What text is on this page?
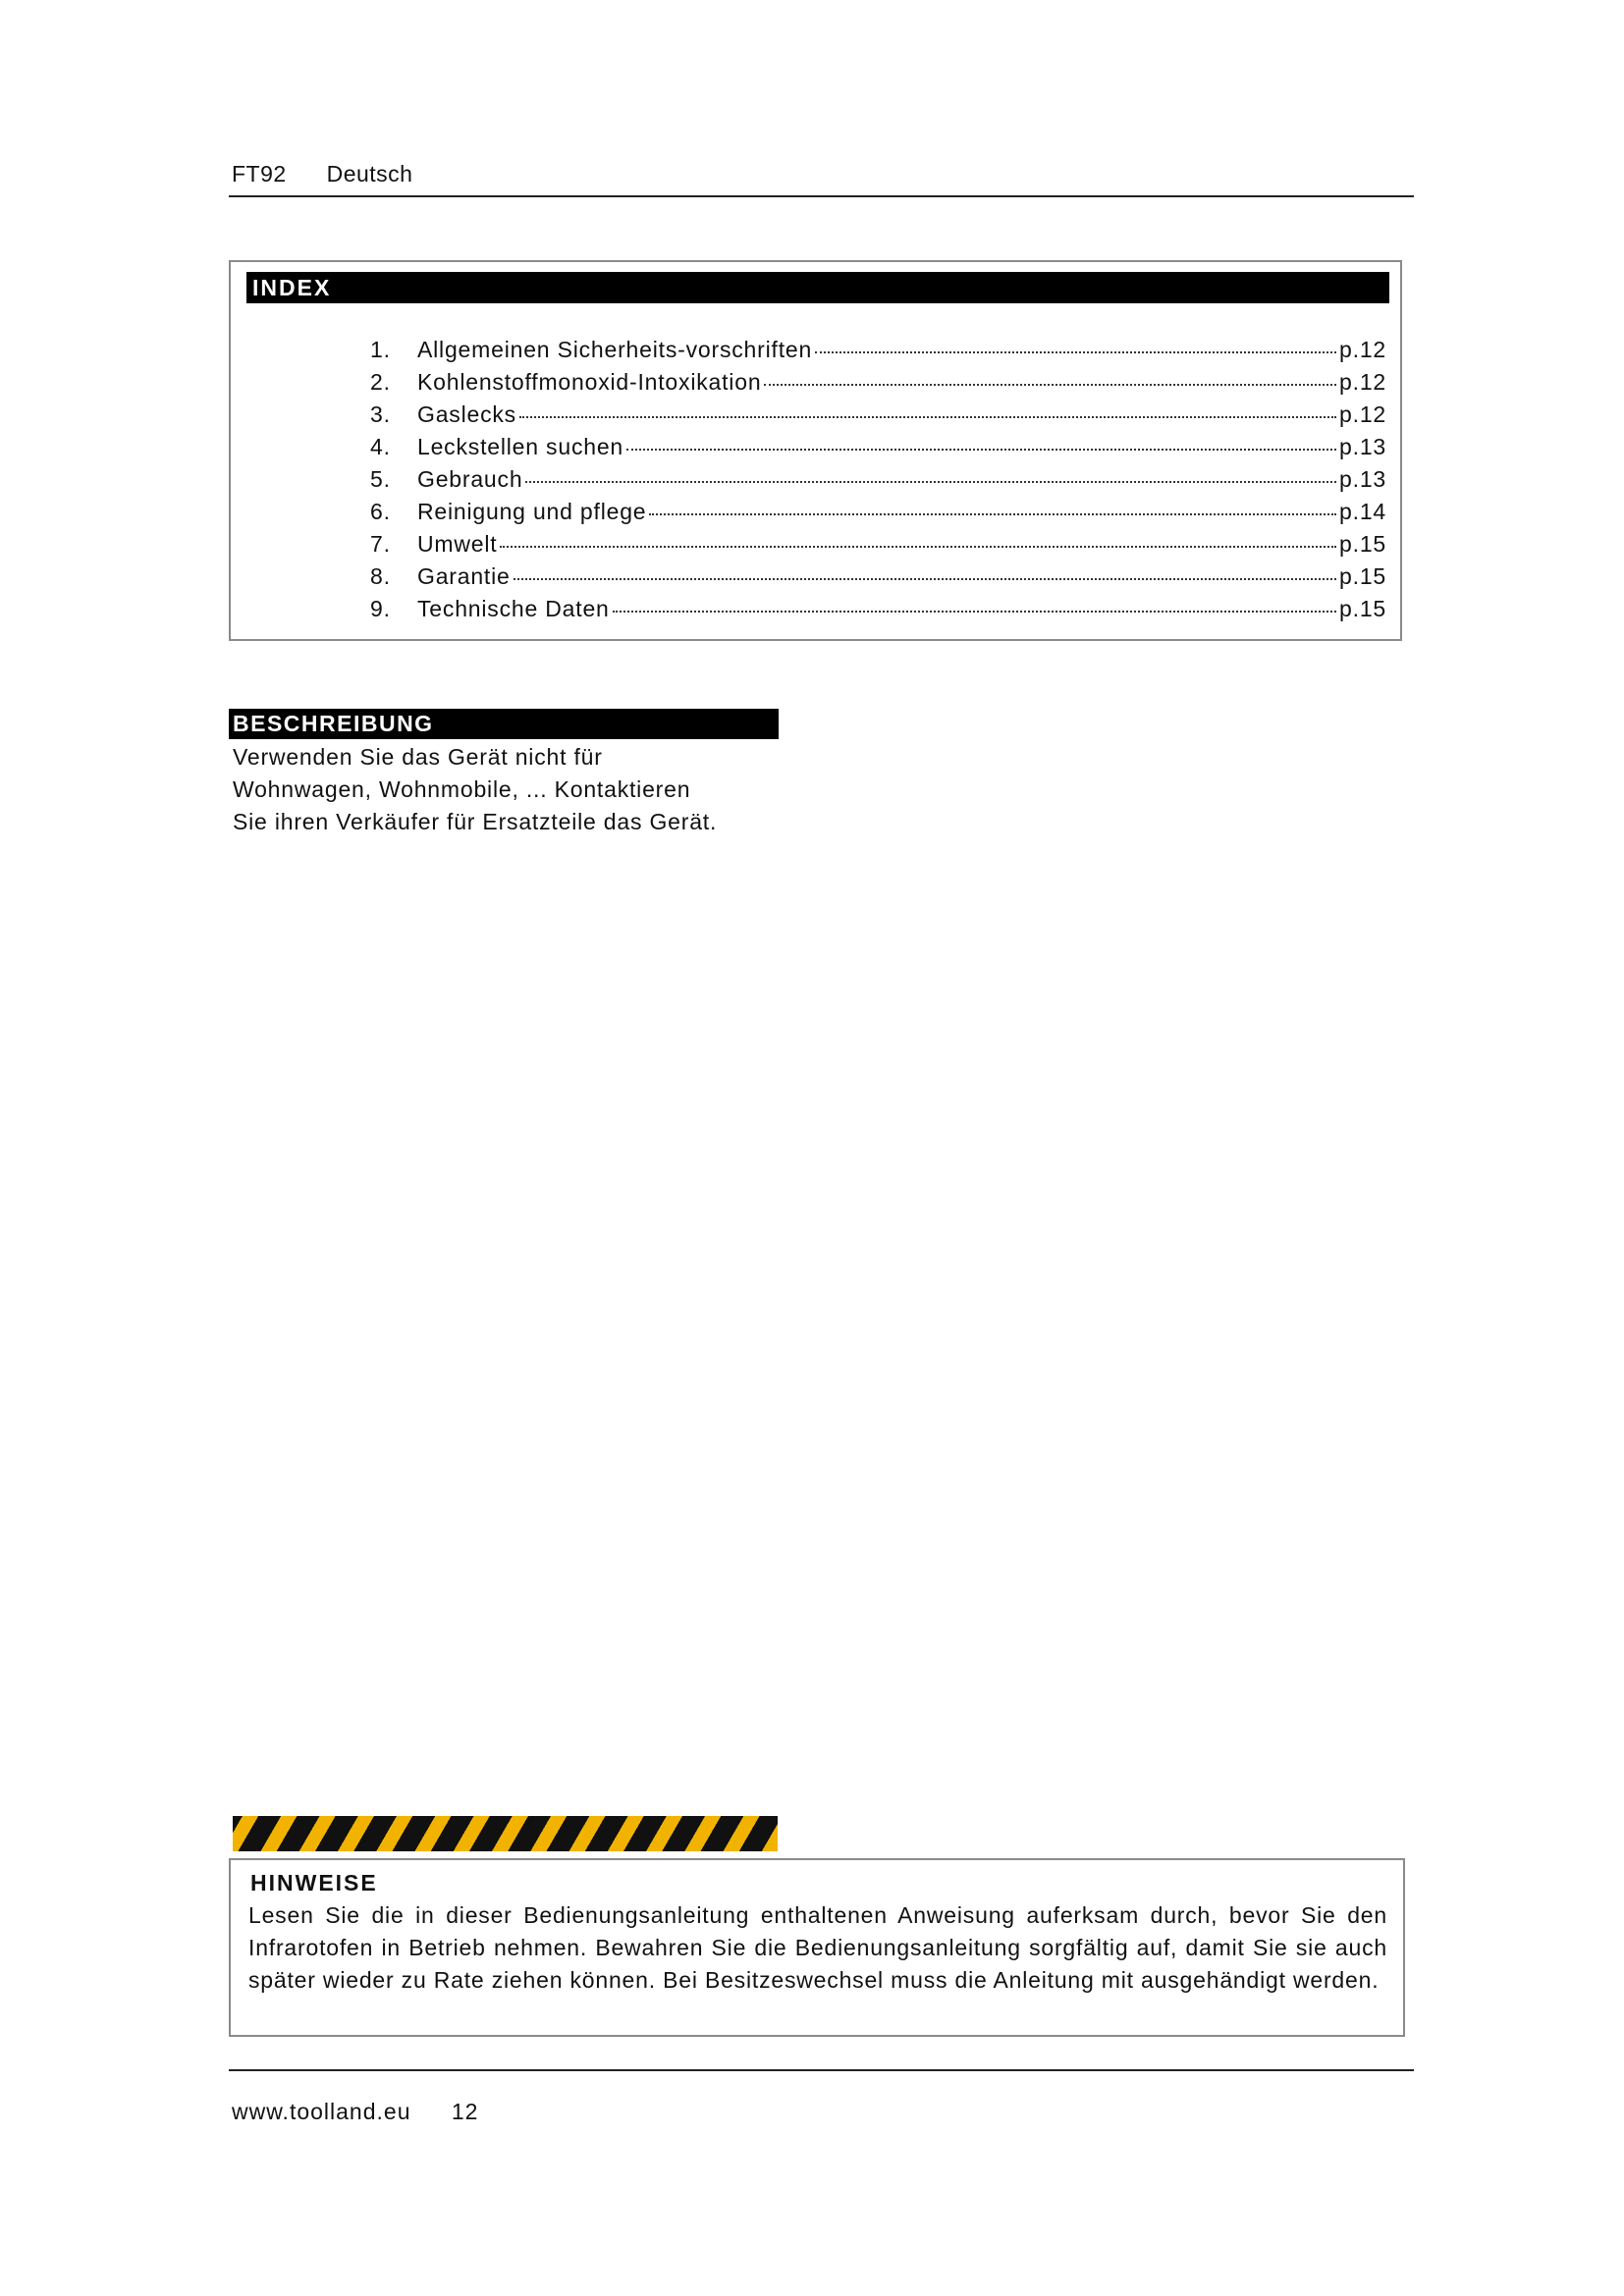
FT92 Deutsch
INDEX
1.	Allgemeinen Sicherheits-vorschriften	p.12
2.	Kohlenstoffmonoxid-Intoxikation	p.12
3.	Gaslecks	p.12
4.	Leckstellen suchen	p.13
5.	Gebrauch	p.13
6.	Reinigung und pflege	p.14
7.	Umwelt	p.15
8.	Garantie	p.15
9.	Technische Daten	p.15
BESCHREIBUNG
Verwenden Sie das Gerät nicht für
Wohnwagen, Wohnmobile, ... Kontaktieren
Sie ihren Verkäufer für Ersatzteile das Gerät.
HINWEISE
Lesen Sie die in dieser Bedienungsanleitung enthaltenen Anweisung auferksam durch, bevor Sie den Infrarotofen in Betrieb nehmen. Bewahren Sie die Bedienungsanleitung sorgfältig auf, damit Sie sie auch später wieder zu Rate ziehen können. Bei Besitzeswechsel muss die Anleitung mit ausgehändigt werden.
www.toolland.eu 12
